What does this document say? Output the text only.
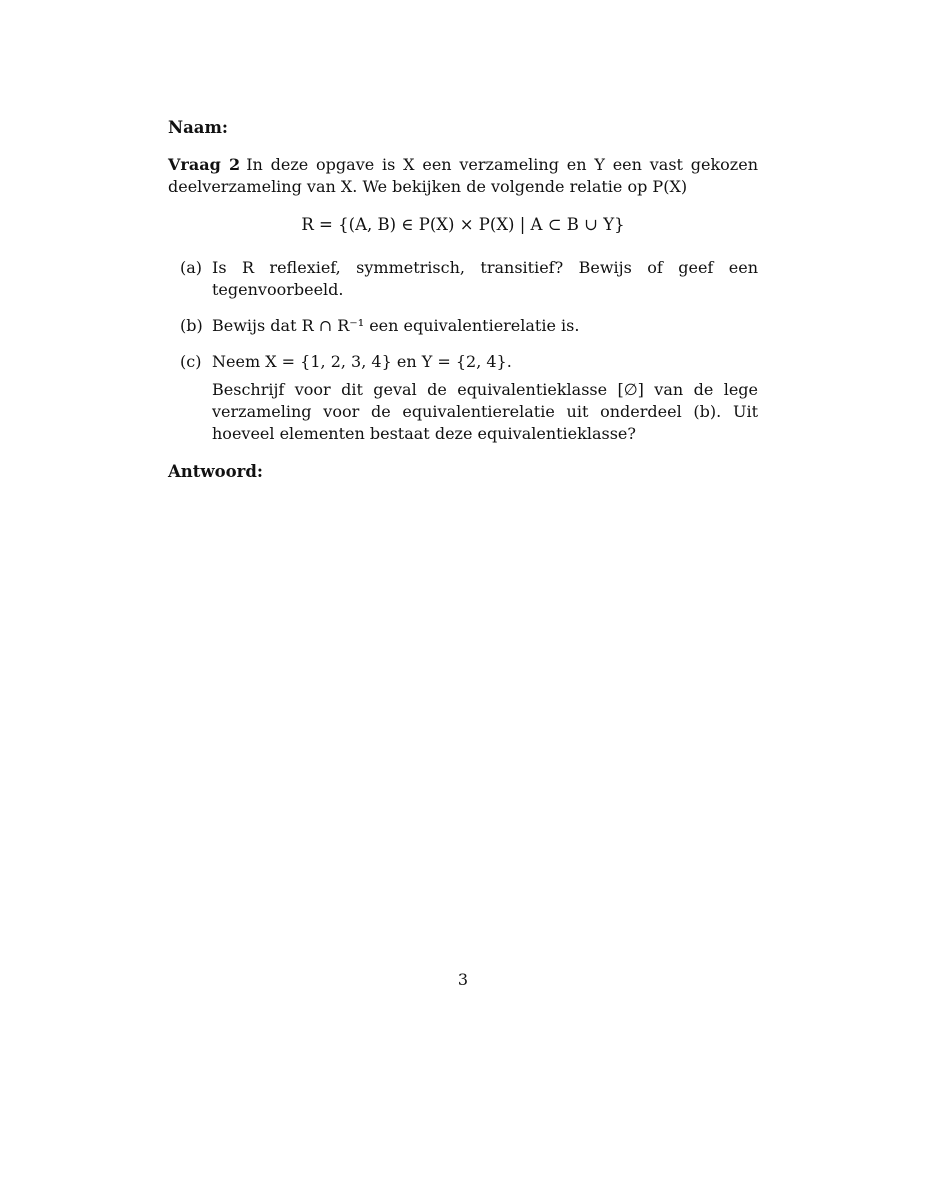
Naam:
Vraag 2 In deze opgave is X een verzameling en Y een vast gekozen deelverzameling van X. We bekijken de volgende relatie op P(X)
R = {(A, B) ∈ P(X) × P(X) | A ⊂ B ∪ Y}
(a) Is R reflexief, symmetrisch, transitief? Bewijs of geef een tegenvoorbeeld.
(b) Bewijs dat R ∩ R⁻¹ een equivalentierelatie is.
(c) Neem X = {1, 2, 3, 4} en Y = {2, 4}.
Beschrijf voor dit geval de equivalentieklasse [∅] van de lege verzameling voor de equivalentierelatie uit onderdeel (b). Uit hoeveel elementen bestaat deze equivalentieklasse?
Antwoord:
3
